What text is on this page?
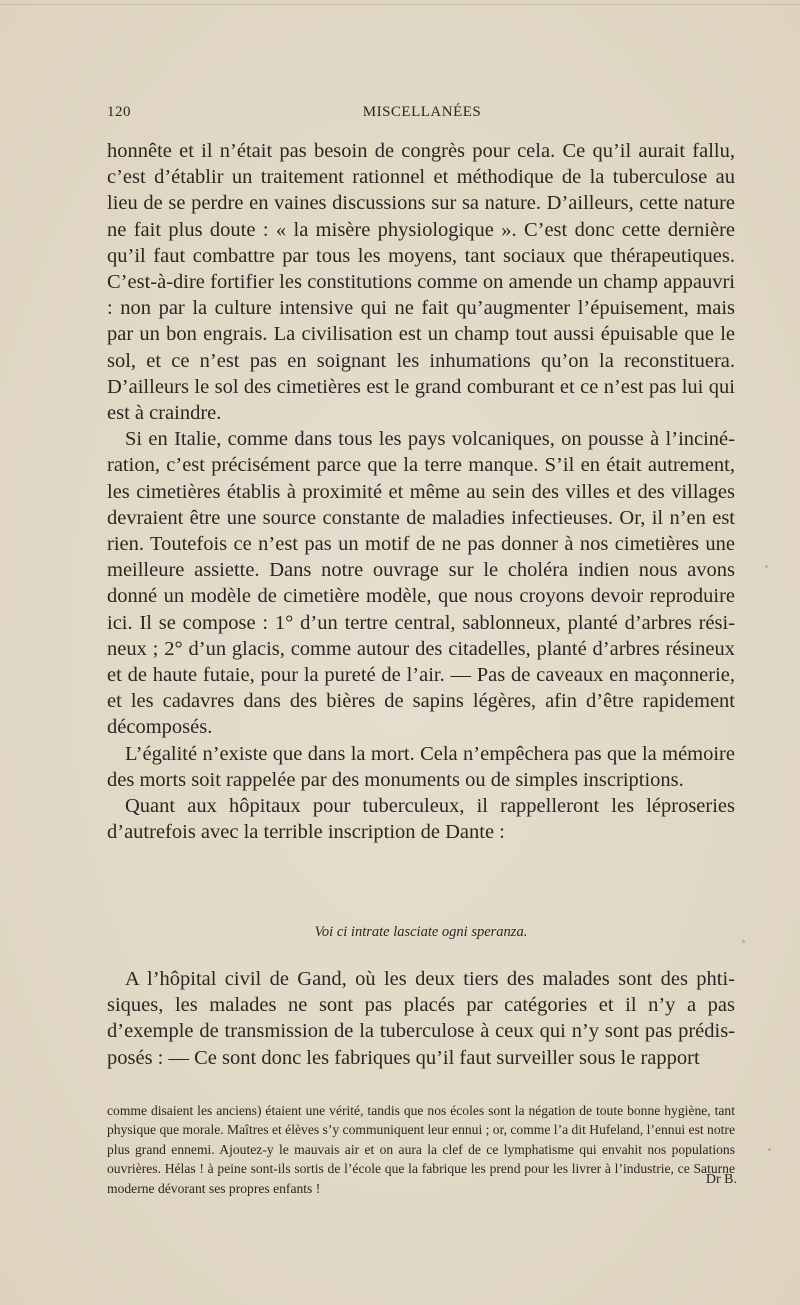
120	MISCELLANÉES

honnête et il n’était pas besoin de congrès pour cela. Ce qu’il aurait fallu, c’est d’établir un traitement rationnel et méthodique de la tuberculose au lieu de se perdre en vaines discussions sur sa nature. D’ailleurs, cette nature ne fait plus doute : « la misère physiologique ». C’est donc cette dernière qu’il faut combattre par tous les moyens, tant sociaux que thérapeutiques. C’est-à-dire fortifier les constitutions comme on amende un champ appauvri : non par la culture intensive qui ne fait qu’augmenter l’épuisement, mais par un bon engrais. La civilisation est un champ tout aussi épuisable que le sol, et ce n’est pas en soignant les inhumations qu’on la reconstituera. D’ailleurs le sol des cimetières est le grand comburant et ce n’est pas lui qui est à craindre.

Si en Italie, comme dans tous les pays volcaniques, on pousse à l’incinération, c’est précisément parce que la terre manque. S’il en était autrement, les cimetières établis à proximité et même au sein des villes et des villages devraient être une source constante de maladies infectieuses. Or, il n’en est rien. Toutefois ce n’est pas un motif de ne pas donner à nos cimetières une meilleure assiette. Dans notre ouvrage sur le choléra indien nous avons donné un modèle de cimetière modèle, que nous croyons devoir reproduire ici. Il se compose : 1° d’un tertre central, sablonneux, planté d’arbres résineux ; 2° d’un glacis, comme autour des citadelles, planté d’arbres résineux et de haute futaie, pour la pureté de l’air. — Pas de caveaux en maçonnerie, et les cadavres dans des bières de sapins légères, afin d’être rapidement décomposés.

L’égalité n’existe que dans la mort. Cela n’empêchera pas que la mémoire des morts soit rappelée par des monuments ou de simples inscriptions.

Quant aux hôpitaux pour tuberculeux, il rappelleront les léproseries d’autrefois avec la terrible inscription de Dante :

Voi ci intrate lasciate ogni speranza.

A l’hôpital civil de Gand, où les deux tiers des malades sont des phtisiques, les malades ne sont pas placés par catégories et il n’y a pas d’exemple de transmission de la tuberculose à ceux qui n’y sont pas prédisposés : — Ce sont donc les fabriques qu’il faut surveiller sous le rapport

comme disaient les anciens) étaient une vérité, tandis que nos écoles sont la négation de toute bonne hygiène, tant physique que morale. Maîtres et élèves s’y communiquent leur ennui ; or, comme l’a dit Hufeland, l’ennui est notre plus grand ennemi. Ajoutez-y le mauvais air et on aura la clef de ce lymphatisme qui envahit nos populations ouvrières. Hélas ! à peine sont-ils sortis de l’école que la fabrique les prend pour les livrer à l’industrie, ce Saturne moderne dévorant ses propres enfants !

Dr B.
